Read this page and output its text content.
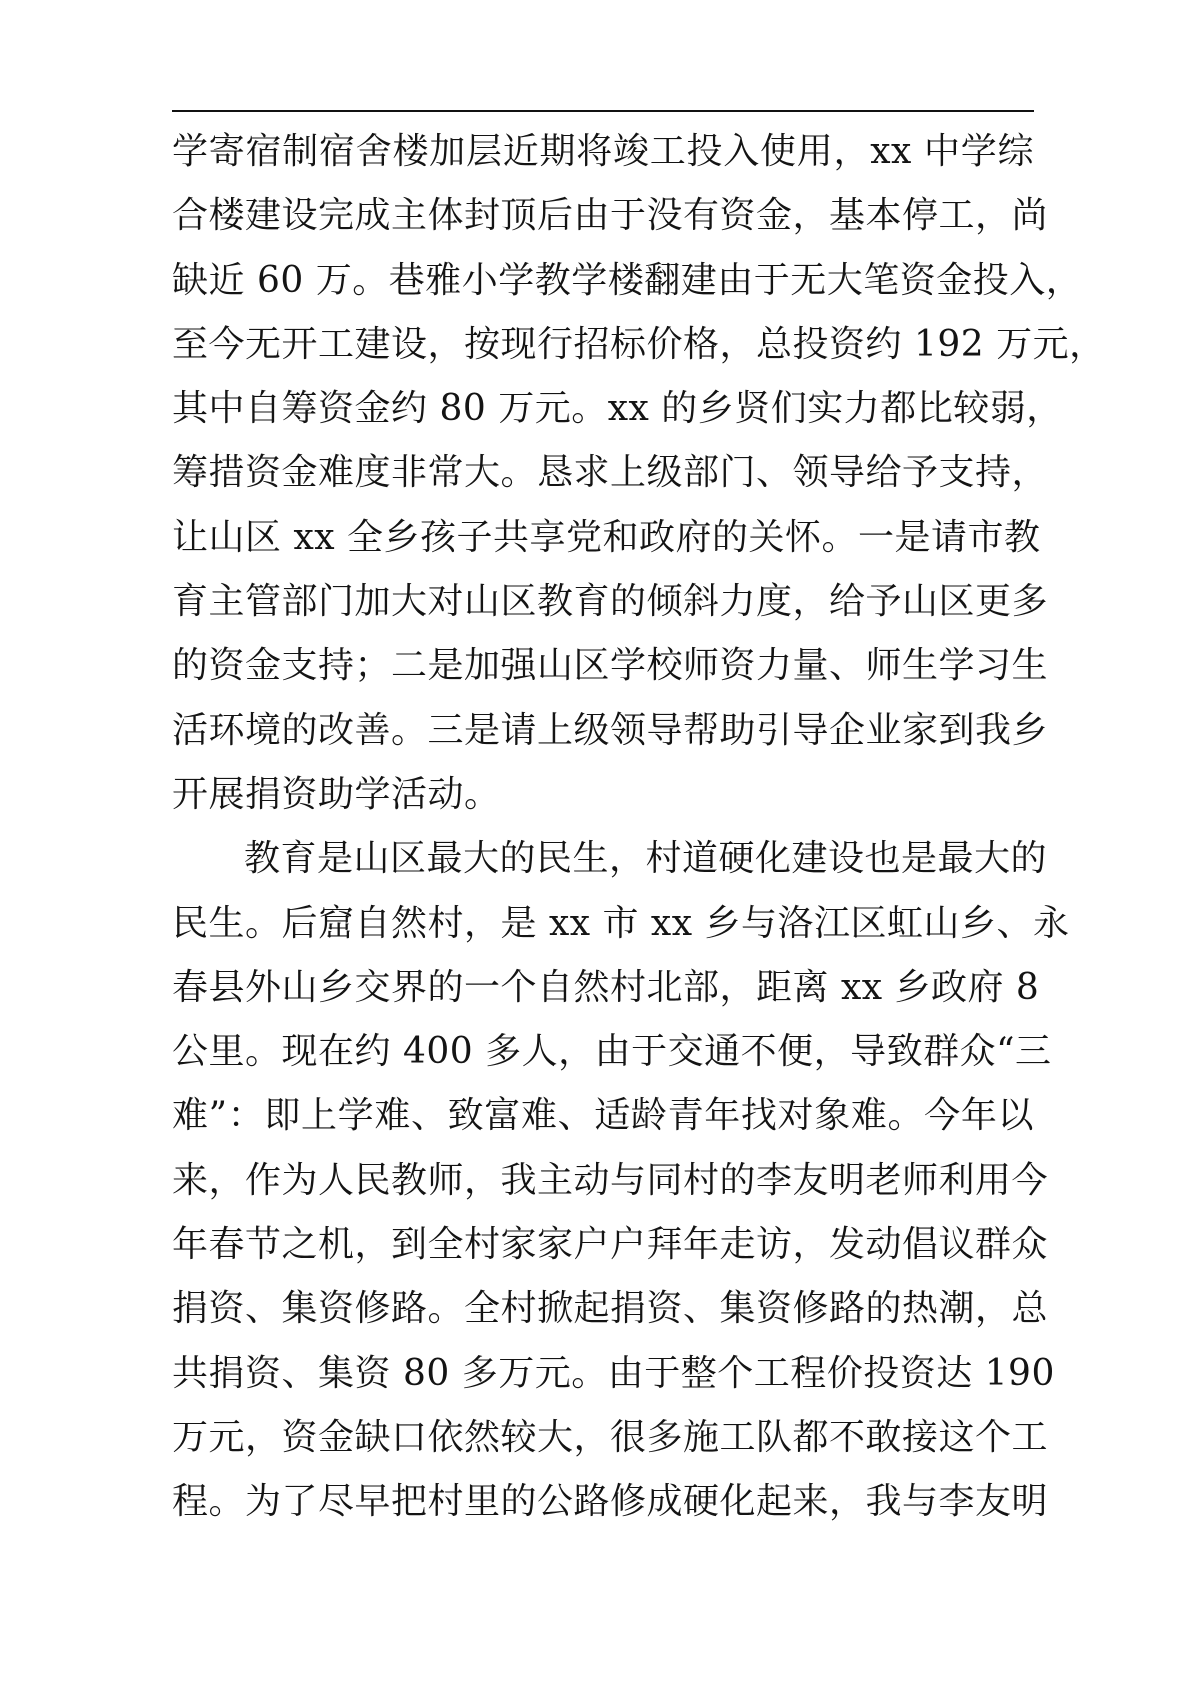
学寄宿制宿舍楼加层近期将竣工投入使用，xx 中学综
合楼建设完成主体封顶后由于没有资金，基本停工，尚
缺近 60 万。巷雅小学教学楼翻建由于无大笔资金投入，
至今无开工建设，按现行招标价格，总投资约 192 万元，
其中自筹资金约 80 万元。xx 的乡贤们实力都比较弱，
筹措资金难度非常大。恳求上级部门、领导给予支持，
让山区 xx 全乡孩子共享党和政府的关怀。一是请市教
育主管部门加大对山区教育的倾斜力度，给予山区更多
的资金支持；二是加强山区学校师资力量、师生学习生
活环境的改善。三是请上级领导帮助引导企业家到我乡
开展捐资助学活动。
教育是山区最大的民生，村道硬化建设也是最大的
民生。后窟自然村，是 xx 市 xx 乡与洛江区虹山乡、永
春县外山乡交界的一个自然村北部，距离 xx 乡政府 8
公里。现在约 400 多人，由于交通不便，导致群众“三
难”：即上学难、致富难、适龄青年找对象难。今年以
来，作为人民教师，我主动与同村的李友明老师利用今
年春节之机，到全村家家户户拜年走访，发动倡议群众
捐资、集资修路。全村掀起捐资、集资修路的热潮，总
共捐资、集资 80 多万元。由于整个工程价投资达 190
万元，资金缺口依然较大，很多施工队都不敢接这个工
程。为了尽早把村里的公路修成硬化起来，我与李友明
